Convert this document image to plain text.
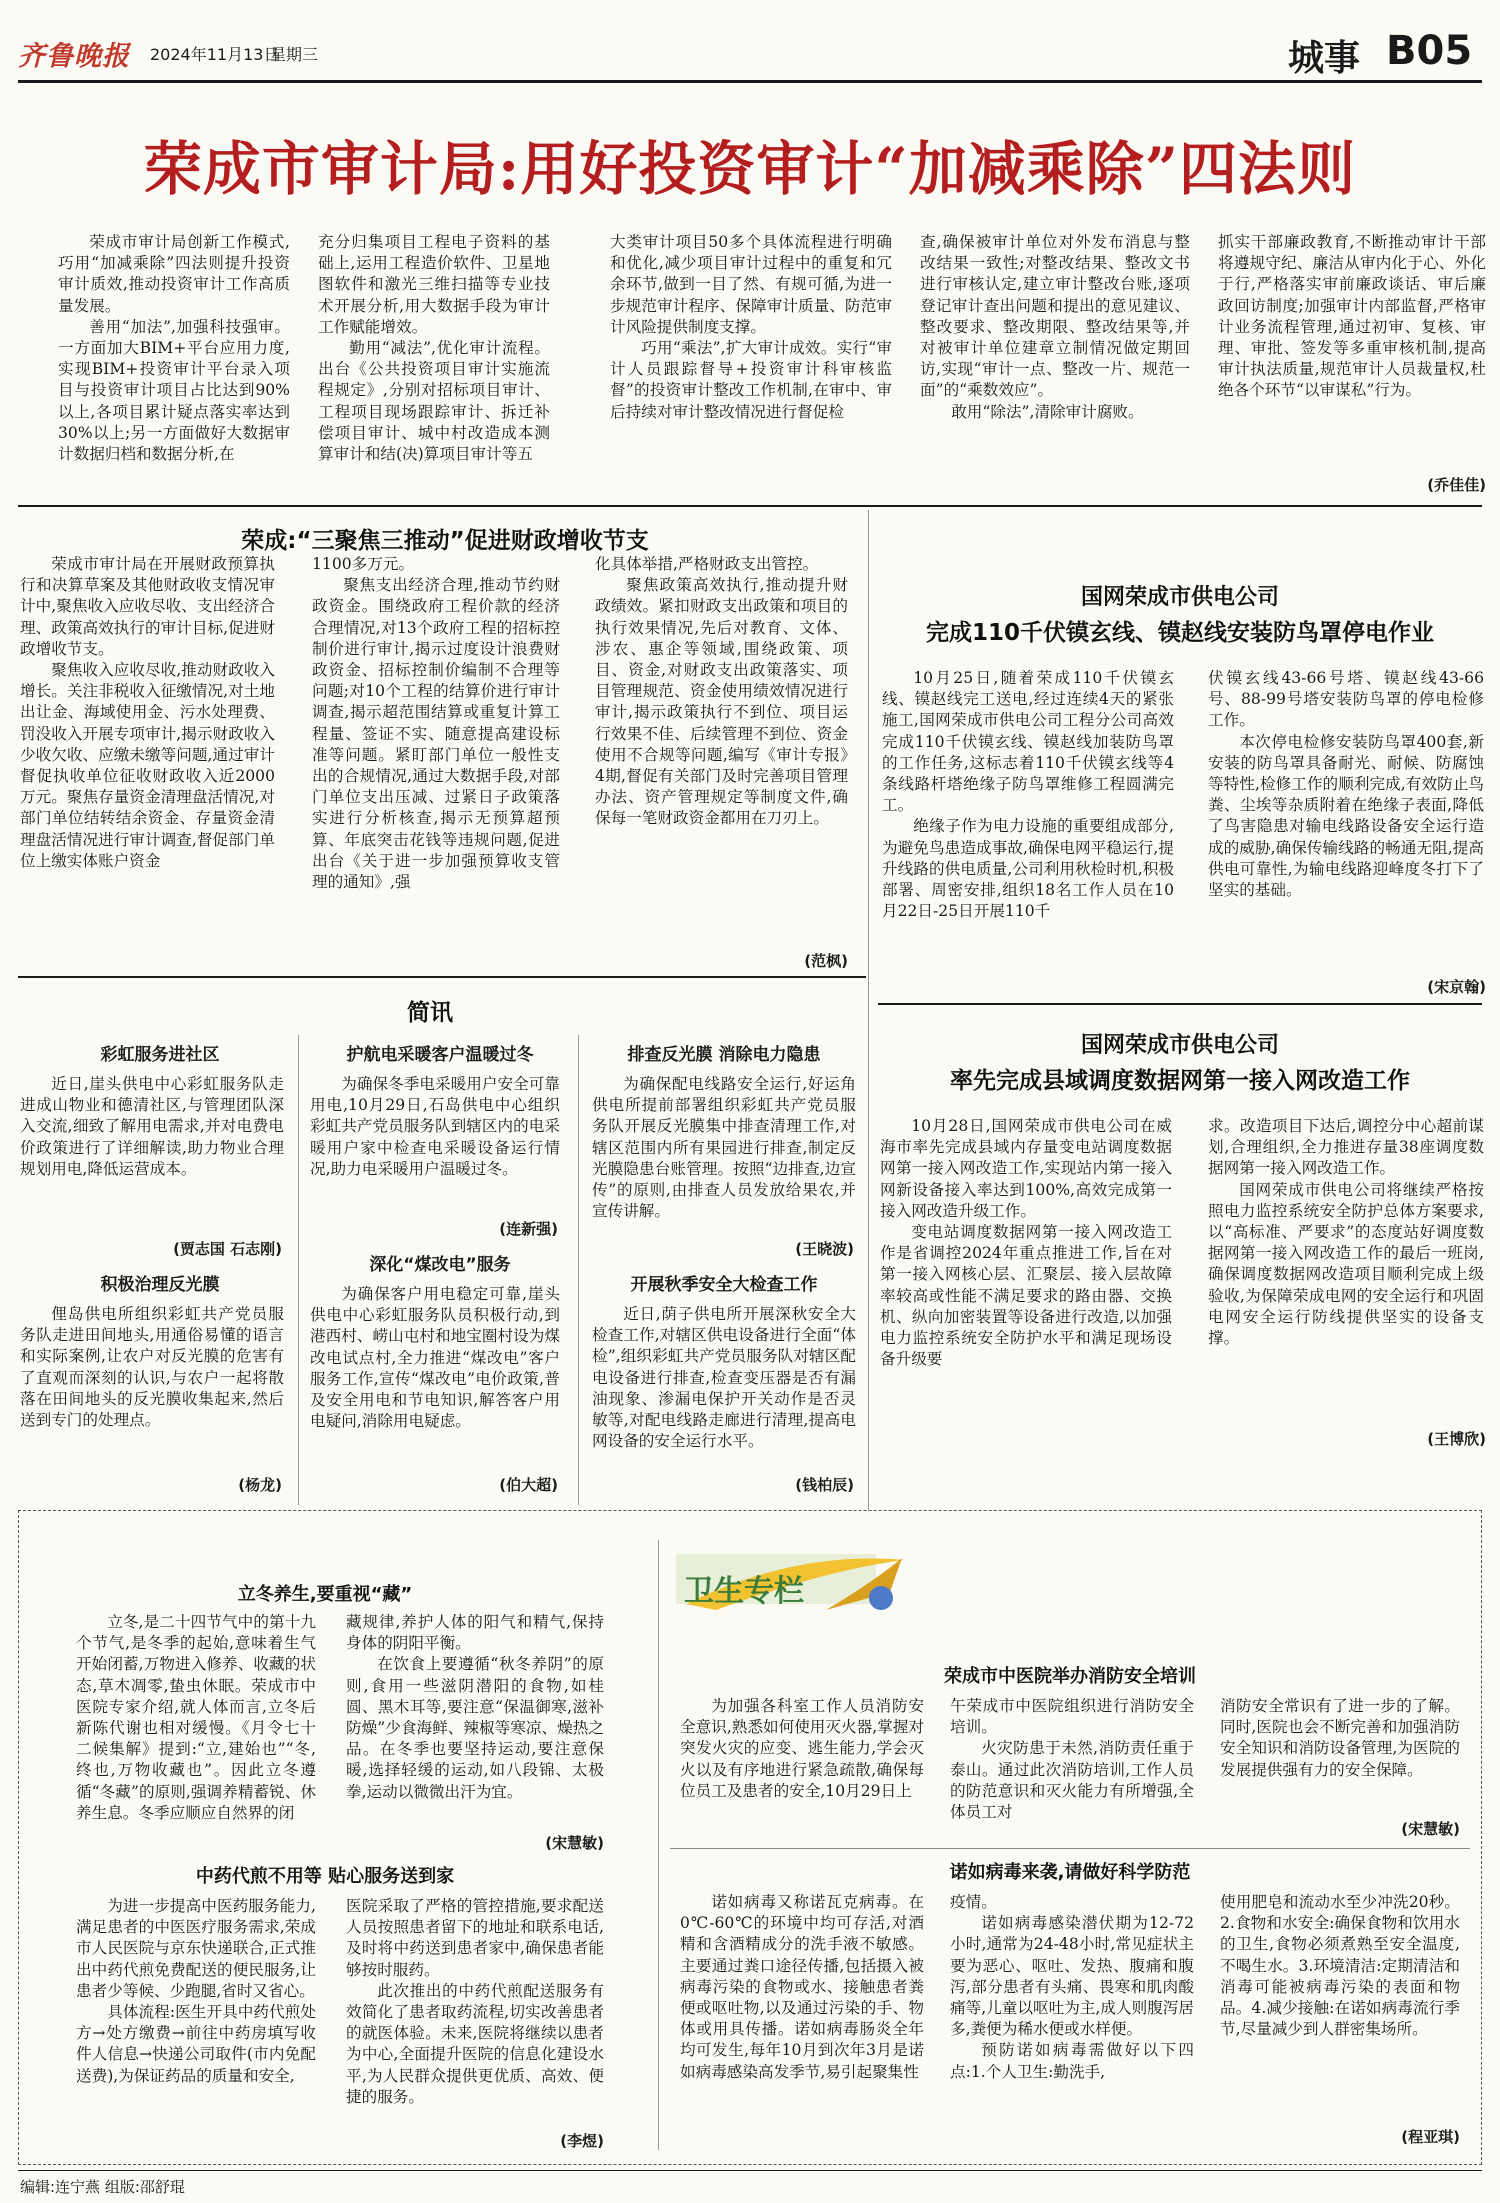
齐鲁晚报 2024年11月13日
星期三	城事 B05
荣成市审计局:用好投资审计“加减乘除”四法则

荣成市审计局创新工作模式,巧用“加减乘除”四法则提升投资审计质效,推动投资审计工作高质量发展。

善用“加法”,加强科技强审。一方面加大BIM+平台应用力度,实现BIM+投资审计平台录入项目与投资审计项目占比达到90%以上,各项目累计疑点落实率达到30%以上;另一方面做好大数据审计数据归档和数据分析,在

充分归集项目工程电子资料的基础上,运用工程造价软件、卫星地图软件和激光三维扫描等专业技术开展分析,用大数据手段为审计工作赋能增效。

勤用“减法”,优化审计流程。出台《公共投资项目审计实施流程规定》,分别对招标项目审计、工程项目现场跟踪审计、拆迁补偿项目审计、城中村改造成本测算审计和结(决)算项目审计等五

大类审计项目50多个具体流程进行明确和优化,减少项目审计过程中的重复和冗余环节,做到一目了然、有规可循,为进一步规范审计程序、保障审计质量、防范审计风险提供制度支撑。

巧用“乘法”,扩大审计成效。实行“审计人员跟踪督导+投资审计科审核监督”的投资审计整改工作机制,在审中、审后持续对审计整改情况进行督促检

查,确保被审计单位对外发布消息与整改结果一致性;对整改结果、整改文书进行审核认定,建立审计整改台账,逐项登记审计查出问题和提出的意见建议、整改要求、整改期限、整改结果等,并对被审计单位建章立制情况做定期回访,实现“审计一点、整改一片、规范一面”的“乘数效应”。

敢用“除法”,清除审计腐败。

抓实干部廉政教育,不断推动审计干部将遵规守纪、廉洁从审内化于心、外化于行,严格落实审前廉政谈话、审后廉政回访制度;加强审计内部监督,严格审计业务流程管理,通过初审、复核、审理、审批、签发等多重审核机制,提高审计执法质量,规范审计人员裁量权,杜绝各个环节“以审谋私”行为。

(乔佳佳)
荣成:“三聚焦三推动”促进财政增收节支

荣成市审计局在开展财政预算执行和决算草案及其他财政收支情况审计中,聚焦收入应收尽收、支出经济合理、政策高效执行的审计目标,促进财政增收节支。

聚焦收入应收尽收,推动财政收入增长。关注非税收入征缴情况,对土地出让金、海域使用金、污水处理费、罚没收入开展专项审计,揭示财政收入少收欠收、应缴未缴等问题,通过审计督促执收单位征收财政收入近2000万元。聚焦存量资金清理盘活情况,对部门单位结转结余资金、存量资金清理盘活情况进行审计调查,督促部门单位上缴实体账户资金

1100多万元。

聚焦支出经济合理,推动节约财政资金。围绕政府工程价款的经济合理情况,对13个政府工程的招标控制价进行审计,揭示过度设计浪费财政资金、招标控制价编制不合理等问题;对10个工程的结算价进行审计调查,揭示超范围结算或重复计算工程量、签证不实、随意提高建设标准等问题。紧盯部门单位一般性支出的合规情况,通过大数据手段,对部门单位支出压减、过紧日子政策落实进行分析核查,揭示无预算超预算、年底突击花钱等违规问题,促进出台《关于进一步加强预算收支管理的通知》,强

化具体举措,严格财政支出管控。

聚焦政策高效执行,推动提升财政绩效。紧扣财政支出政策和项目的执行效果情况,先后对教育、文体、涉农、惠企等领域,围绕政策、项目、资金,对财政支出政策落实、项目管理规范、资金使用绩效情况进行审计,揭示政策执行不到位、项目运行效果不佳、后续管理不到位、资金使用不合规等问题,编写《审计专报》4期,督促有关部门及时完善项目管理办法、资产管理规定等制度文件,确保每一笔财政资金都用在刀刃上。

(范枫)
国网荣成市供电公司
完成110千伏镆玄线、镆赵线安装防鸟罩停电作业

10月25日,随着荣成110千伏镆玄线、镆赵线完工送电,经过连续4天的紧张施工,国网荣成市供电公司工程分公司高效完成110千伏镆玄线、镆赵线加装防鸟罩的工作任务,这标志着110千伏镆玄线等4条线路杆塔绝缘子防鸟罩维修工程圆满完工。

绝缘子作为电力设施的重要组成部分,为避免鸟患造成事故,确保电网平稳运行,提升线路的供电质量,公司利用秋检时机,积极部署、周密安排,组织18名工作人员在10月22日-25日开展110千

伏镆玄线43-66号塔、镆赵线43-66号、88-99号塔安装防鸟罩的停电检修工作。

本次停电检修安装防鸟罩400套,新安装的防鸟罩具备耐光、耐候、防腐蚀等特性,检修工作的顺利完成,有效防止鸟粪、尘埃等杂质附着在绝缘子表面,降低了鸟害隐患对输电线路设备安全运行造成的威胁,确保传输线路的畅通无阻,提高供电可靠性,为输电线路迎峰度冬打下了坚实的基础。

(宋京翰)
国网荣成市供电公司
率先完成县域调度数据网第一接入网改造工作

10月28日,国网荣成市供电公司在威海市率先完成县域内存量变电站调度数据网第一接入网改造工作,实现站内第一接入网新设备接入率达到100%,高效完成第一接入网改造升级工作。

变电站调度数据网第一接入网改造工作是省调控2024年重点推进工作,旨在对第一接入网核心层、汇聚层、接入层故障率较高或性能不满足要求的路由器、交换机、纵向加密装置等设备进行改造,以加强电力监控系统安全防护水平和满足现场设备升级要

求。改造项目下达后,调控分中心超前谋划,合理组织,全力推进存量38座调度数据网第一接入网改造工作。

国网荣成市供电公司将继续严格按照电力监控系统安全防护总体方案要求,以“高标准、严要求”的态度站好调度数据网第一接入网改造工作的最后一班岗,确保调度数据网改造项目顺利完成上级验收,为保障荣成电网的安全运行和巩固电网安全运行防线提供坚实的设备支撑。

(王博欣)
简讯
彩虹服务进社区

近日,崖头供电中心彩虹服务队走进成山物业和德清社区,与管理团队深入交流,细致了解用电需求,并对电费电价政策进行了详细解读,助力物业合理规划用电,降低运营成本。

(贾志国 石志刚)
积极治理反光膜

俚岛供电所组织彩虹共产党员服务队走进田间地头,用通俗易懂的语言和实际案例,让农户对反光膜的危害有了直观而深刻的认识,与农户一起将散落在田间地头的反光膜收集起来,然后送到专门的处理点。

(杨龙)
护航电采暖客户温暖过冬

为确保冬季电采暖用户安全可靠用电,10月29日,石岛供电中心组织彩虹共产党员服务队到辖区内的电采暖用户家中检查电采暖设备运行情况,助力电采暖用户温暖过冬。

(连新强)
深化“煤改电”服务

为确保客户用电稳定可靠,崖头供电中心彩虹服务队员积极行动,到港西村、崂山屯村和地宝圈村设为煤改电试点村,全力推进“煤改电”客户服务工作,宣传“煤改电”电价政策,普及安全用电和节电知识,解答客户用电疑问,消除用电疑虑。

(伯大超)
排查反光膜 消除电力隐患

为确保配电线路安全运行,好运角供电所提前部署组织彩虹共产党员服务队开展反光膜集中排查清理工作,对辖区范围内所有果园进行排查,制定反光膜隐患台账管理。按照“边排查,边宣传”的原则,由排查人员发放给果农,并宣传讲解。

(王晓波)
开展秋季安全大检查工作

近日,荫子供电所开展深秋安全大检查工作,对辖区供电设备进行全面“体检”,组织彩虹共产党员服务队对辖区配电设备进行排查,检查变压器是否有漏油现象、渗漏电保护开关动作是否灵敏等,对配电线路走廊进行清理,提高电网设备的安全运行水平。

(钱柏辰)
卫生专栏
立冬养生,要重视“藏”

立冬,是二十四节气中的第十九个节气,是冬季的起始,意味着生气开始闭蓄,万物进入修养、收藏的状态,草木凋零,蛰虫休眠。荣成市中医院专家介绍,就人体而言,立冬后新陈代谢也相对缓慢。《月令七十二候集解》提到:“立,建始也”“冬,终也,万物收藏也”。因此立冬遵循“冬藏”的原则,强调养精蓄锐、休养生息。冬季应顺应自然界的闭

藏规律,养护人体的阳气和精气,保持身体的阴阳平衡。

在饮食上要遵循“秋冬养阴”的原则,食用一些滋阴潜阳的食物,如桂圆、黑木耳等,要注意“保温御寒,滋补防燥”少食海鲜、辣椒等寒凉、燥热之品。在冬季也要坚持运动,要注意保暖,选择轻缓的运动,如八段锦、太极拳,运动以微微出汗为宜。

(宋慧敏)
中药代煎不用等 贴心服务送到家

为进一步提高中医药服务能力,满足患者的中医医疗服务需求,荣成市人民医院与京东快递联合,正式推出中药代煎免费配送的便民服务,让患者少等候、少跑腿,省时又省心。

具体流程:医生开具中药代煎处方→处方缴费→前往中药房填写收件人信息→快递公司取件(市内免配送费),为保证药品的质量和安全,

医院采取了严格的管控措施,要求配送人员按照患者留下的地址和联系电话,及时将中药送到患者家中,确保患者能够按时服药。

此次推出的中药代煎配送服务有效简化了患者取药流程,切实改善患者的就医体验。未来,医院将继续以患者为中心,全面提升医院的信息化建设水平,为人民群众提供更优质、高效、便捷的服务。

(李煜)
荣成市中医院举办消防安全培训

为加强各科室工作人员消防安全意识,熟悉如何使用灭火器,掌握对突发火灾的应变、逃生能力,学会灭火以及有序地进行紧急疏散,确保每位员工及患者的安全,10月29日上

午荣成市中医院组织进行消防安全培训。

火灾防患于未然,消防责任重于泰山。通过此次消防培训,工作人员的防范意识和灭火能力有所增强,全体员工对

消防安全常识有了进一步的了解。同时,医院也会不断完善和加强消防安全知识和消防设备管理,为医院的发展提供强有力的安全保障。

(宋慧敏)
诺如病毒来袭,请做好科学防范

诺如病毒又称诺瓦克病毒。在0℃-60℃的环境中均可存活,对酒精和含酒精成分的洗手液不敏感。主要通过粪口途径传播,包括摄入被病毒污染的食物或水、接触患者粪便或呕吐物,以及通过污染的手、物体或用具传播。诺如病毒肠炎全年均可发生,每年10月到次年3月是诺如病毒感染高发季节,易引起聚集性

疫情。

诺如病毒感染潜伏期为12-72小时,通常为24-48小时,常见症状主要为恶心、呕吐、发热、腹痛和腹泻,部分患者有头痛、畏寒和肌肉酸痛等,儿童以呕吐为主,成人则腹泻居多,粪便为稀水便或水样便。

预防诺如病毒需做好以下四点:1.个人卫生:勤洗手,

使用肥皂和流动水至少冲洗20秒。2.食物和水安全:确保食物和饮用水的卫生,食物必须煮熟至安全温度,不喝生水。3.环境清洁:定期清洁和消毒可能被病毒污染的表面和物品。4.减少接触:在诺如病毒流行季节,尽量减少到人群密集场所。

(程亚琪)
编辑:连宁燕 组版:邵舒琨
